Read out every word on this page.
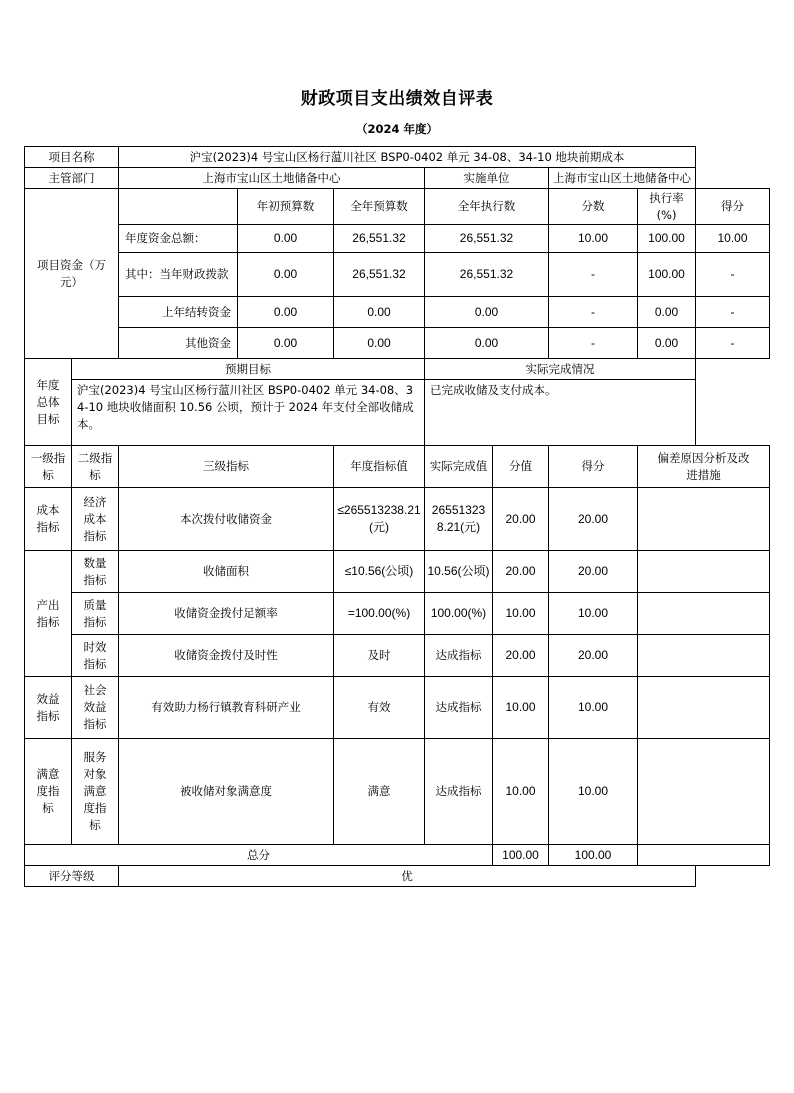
财政项目支出绩效自评表
（2024 年度）
项目名称		沪宝(2023)4 号宝山区杨行蕰川社区 BSP0-0402 单元 34-08、34-10 地块前期成本							
主管部门		上海市宝山区土地储备中心			实施单位		上海市宝山区土地储备中心		
项目资金（万元）			年初预算数	全年预算数	全年执行数		分数	执行率(%)	得分
		年度资金总额：	0.00	26,551.32	26,551.32		10.00	100.00	10.00
		其中：当年财政拨款	0.00	26,551.32	26,551.32		-	100.00	-
		上年结转资金	0.00	0.00	0.00		-	0.00	-
		其他资金	0.00	0.00	0.00		-	0.00	-
年度总体目标	预期目标				实际完成情况				
	沪宝(2023)4 号宝山区杨行蕰川社区 BSP0-0402 单元 34-08、34-10 地块收储面积 10.56 公顷，预计于 2024 年支付全部收储成本。				已完成收储及支付成本。				
一级指标	二级指标	三级指标		年度指标值	实际完成值	分值	得分	偏差原因分析及改进措施	
成本指标	经济成本指标	本次拨付收储资金		≤265513238.21(元)	265513238.21(元)	20.00	20.00		
产出指标	数量指标	收储面积		≤10.56(公顷)	10.56(公顷)	20.00	20.00		
	质量指标	收储资金拨付足额率		=100.00(%)	100.00(%)	10.00	10.00		
	时效指标	收储资金拨付及时性		及时	达成指标	20.00	20.00		
效益指标	社会效益指标	有效助力杨行镇教育科研产业		有效	达成指标	10.00	10.00		
满意度指标	服务对象满意度指标	被收储对象满意度		满意	达成指标	10.00	10.00		
总分						100.00	100.00		
评分等级		优							
